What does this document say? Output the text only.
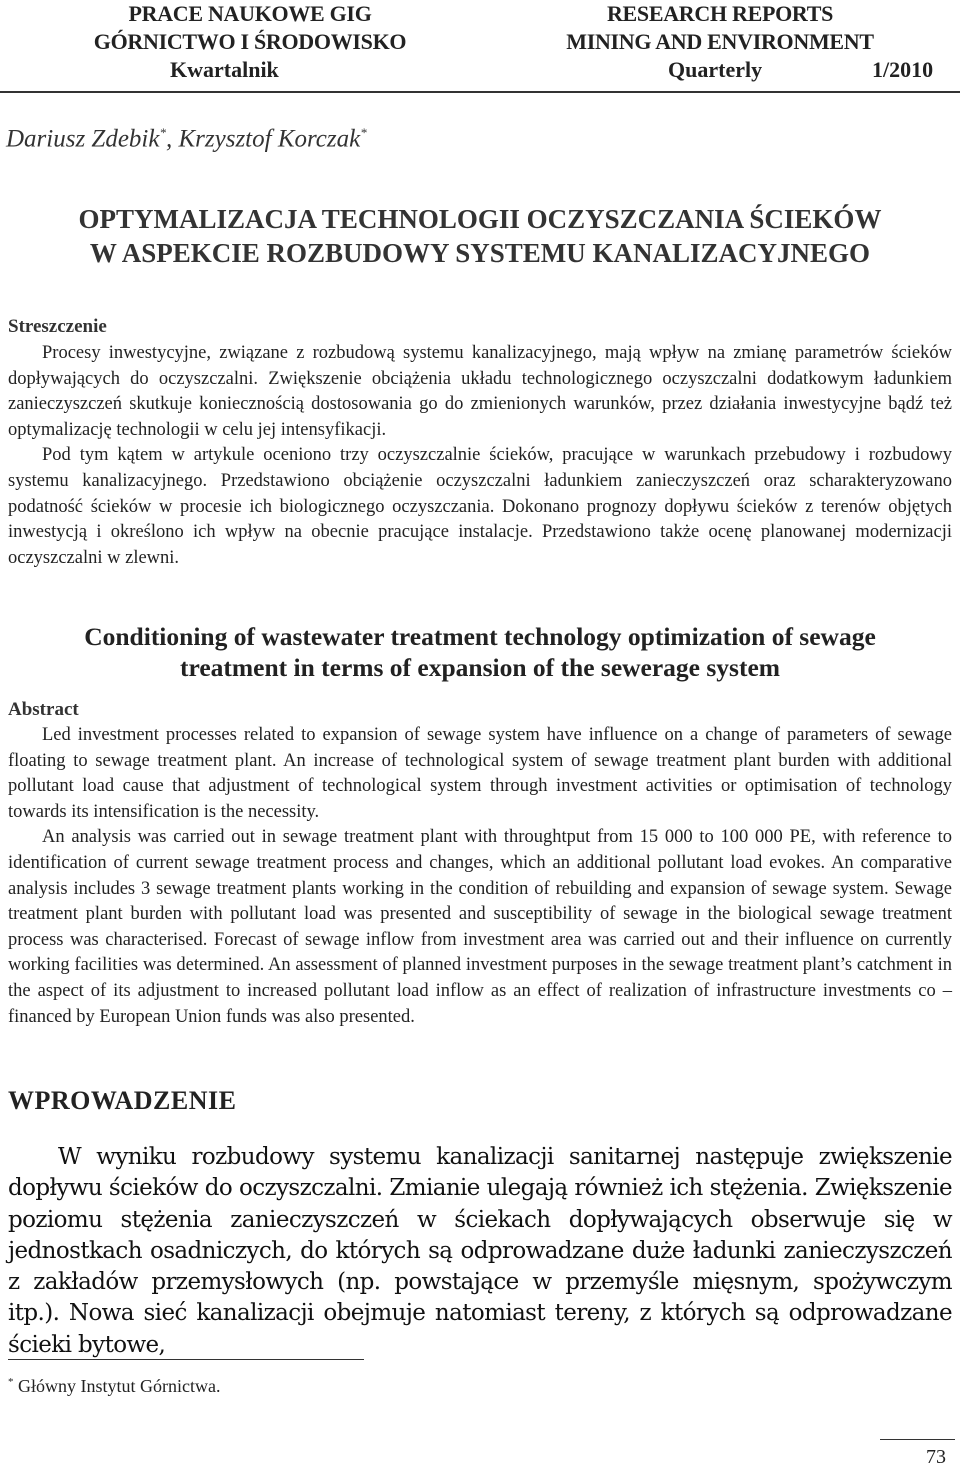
PRACE NAUKOWE GIG
GÓRNICTWO I ŚRODOWISKO
RESEARCH REPORTS
MINING AND ENVIRONMENT
Kwartalnik	Quarterly	1/2010
Dariusz Zdebik*, Krzysztof Korczak*
OPTYMALIZACJA TECHNOLOGII OCZYSZCZANIA ŚCIEKÓW
W ASPEKCIE ROZBUDOWY SYSTEMU KANALIZACYJNEGO
Streszczenie

Procesy inwestycyjne, związane z rozbudową systemu kanalizacyjnego, mają wpływ na zmianę parametrów ścieków dopływających do oczyszczalni. Zwiększenie obciążenia układu technologicznego oczyszczalni dodatkowym ładunkiem zanieczyszczeń skutkuje koniecznością dostosowania go do zmienionych warunków, przez działania inwestycyjne bądź też optymalizację technologii w celu jej intensyfikacji.

Pod tym kątem w artykule oceniono trzy oczyszczalnie ścieków, pracujące w warunkach przebudowy i rozbudowy systemu kanalizacyjnego. Przedstawiono obciążenie oczyszczalni ładunkiem zanieczyszczeń oraz scharakteryzowano podatność ścieków w procesie ich biologicznego oczyszczania. Dokonano prognozy dopływu ścieków z terenów objętych inwestycją i określono ich wpływ na obecnie pracujące instalacje. Przedstawiono także ocenę planowanej modernizacji oczyszczalni w zlewni.

Conditioning of wastewater treatment technology optimization of sewage
treatment in terms of expansion of the sewerage system
Abstract

Led investment processes related to expansion of sewage system have influence on a change of parameters of sewage floating to sewage treatment plant. An increase of technological system of sewage treatment plant burden with additional pollutant load cause that adjustment of technological system through investment activities or optimisation of technology towards its intensification is the necessity.

An analysis was carried out in sewage treatment plant with throughtput from 15 000 to 100 000 PE, with reference to identification of current sewage treatment process and changes, which an additional pollutant load evokes. An comparative analysis includes 3 sewage treatment plants working in the condition of rebuilding and expansion of sewage system. Sewage treatment plant burden with pollutant load was presented and susceptibility of sewage in the biological sewage treatment process was characterised. Forecast of sewage inflow from investment area was carried out and their influence on currently working facilities was determined. An assessment of planned investment purposes in the sewage treatment plant’s catchment in the aspect of its adjustment to increased pollutant load inflow as an effect of realization of infrastructure investments co – financed by European Union funds was also presented.

WPROWADZENIE

W wyniku rozbudowy systemu kanalizacji sanitarnej następuje zwiększenie dopływu ścieków do oczyszczalni. Zmianie ulegają również ich stężenia. Zwiększenie poziomu stężenia zanieczyszczeń w ściekach dopływających obserwuje się w jednostkach osadniczych, do których są odprowadzane duże ładunki zanieczyszczeń z zakładów przemysłowych (np. powstające w przemyśle mięsnym, spożywczym itp.). Nowa sieć kanalizacji obejmuje natomiast tereny, z których są odprowadzane ścieki bytowe,

* Główny Instytut Górnictwa.
73
